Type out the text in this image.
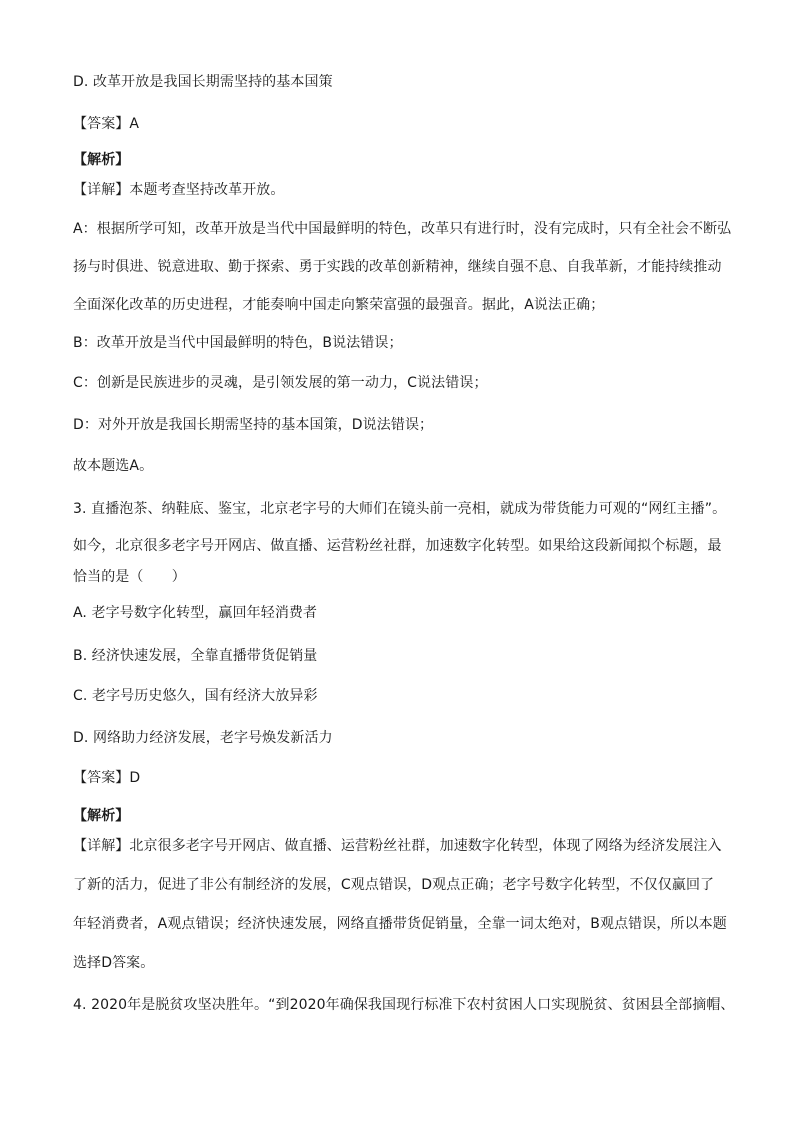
D. 改革开放是我国长期需坚持的基本国策
【答案】A
【解析】
【详解】本题考查坚持改革开放。
A：根据所学可知，改革开放是当代中国最鲜明的特色，改革只有进行时，没有完成时，只有全社会不断弘
扬与时俱进、锐意进取、勤于探索、勇于实践的改革创新精神，继续自强不息、自我革新，才能持续推动
全面深化改革的历史进程，才能奏响中国走向繁荣富强的最强音。据此，A说法正确；
B：改革开放是当代中国最鲜明的特色，B说法错误；
C：创新是民族进步的灵魂，是引领发展的第一动力，C说法错误；
D：对外开放是我国长期需坚持的基本国策，D说法错误；
故本题选A。
3. 直播泡茶、纳鞋底、鉴宝，北京老字号的大师们在镜头前一亮相，就成为带货能力可观的“网红主播”。
如今，北京很多老字号开网店、做直播、运营粉丝社群，加速数字化转型。如果给这段新闻拟个标题，最
恰当的是（　　）
A. 老字号数字化转型，赢回年轻消费者
B. 经济快速发展，全靠直播带货促销量
C. 老字号历史悠久，国有经济大放异彩
D. 网络助力经济发展，老字号焕发新活力
【答案】D
【解析】
【详解】北京很多老字号开网店、做直播、运营粉丝社群，加速数字化转型，体现了网络为经济发展注入
了新的活力，促进了非公有制经济的发展，C观点错误，D观点正确；老字号数字化转型，不仅仅赢回了
年轻消费者，A观点错误；经济快速发展，网络直播带货促销量，全靠一词太绝对，B观点错误，所以本题
选择D答案。
4. 2020年是脱贫攻坚决胜年。“到2020年确保我国现行标准下农村贫困人口实现脱贫、贫困县全部摘帽、
